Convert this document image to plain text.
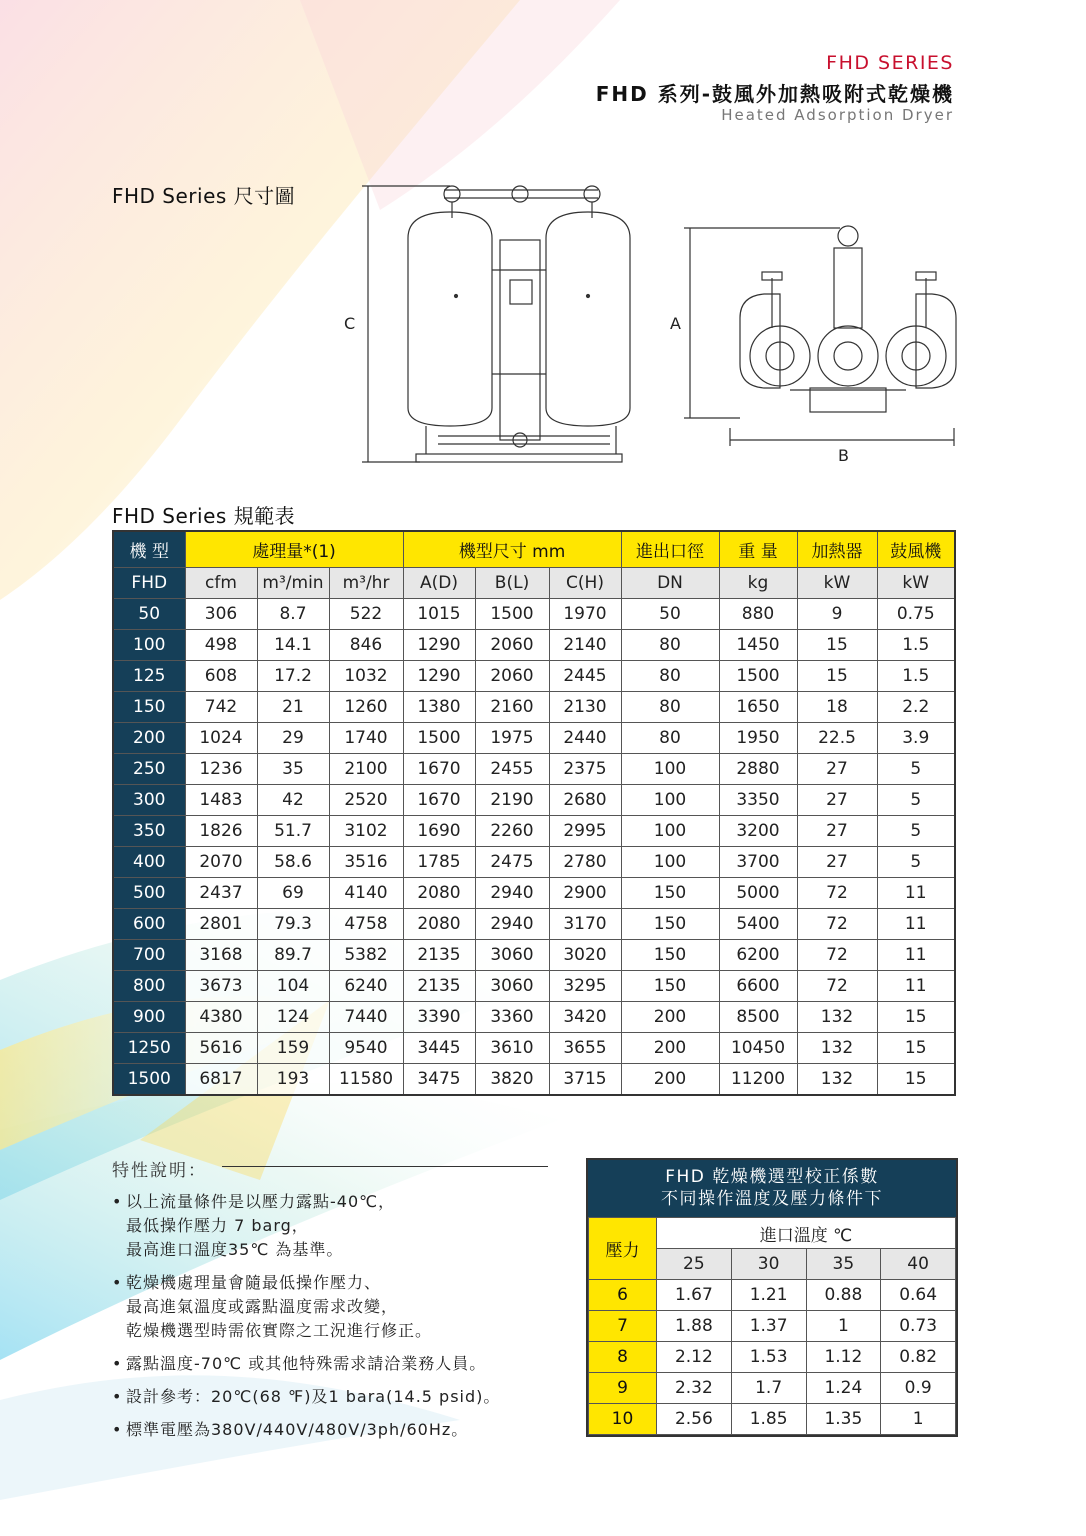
FHD SERIES
FHD 系列-鼓風外加熱吸附式乾燥機
Heated Adsorption Dryer
FHD Series 尺寸圖
C	A
B
FHD Series 規範表
機 型	處理量*(1)			機型尺寸 mm			進出口徑	重 量	加熱器	鼓風機
FHD	cfm	m³/min	m³/hr	A(D)	B(L)	C(H)	DN	kg	kW	kW
50	306	8.7	522	1015	1500	1970	50	880	9	0.75
100	498	14.1	846	1290	2060	2140	80	1450	15	1.5
125	608	17.2	1032	1290	2060	2445	80	1500	15	1.5
150	742	21	1260	1380	2160	2130	80	1650	18	2.2
200	1024	29	1740	1500	1975	2440	80	1950	22.5	3.9
250	1236	35	2100	1670	2455	2375	100	2880	27	5
300	1483	42	2520	1670	2190	2680	100	3350	27	5
350	1826	51.7	3102	1690	2260	2995	100	3200	27	5
400	2070	58.6	3516	1785	2475	2780	100	3700	27	5
500	2437	69	4140	2080	2940	2900	150	5000	72	11
600	2801	79.3	4758	2080	2940	3170	150	5400	72	11
700	3168	89.7	5382	2135	3060	3020	150	6200	72	11
800	3673	104	6240	2135	3060	3295	150	6600	72	11
900	4380	124	7440	3390	3360	3420	200	8500	132	15
1250	5616	159	9540	3445	3610	3655	200	10450	132	15
1500	6817	193	11580	3475	3820	3715	200	11200	132	15
特性說明：
• 以上流量條件是以壓力露點-40℃，
最低操作壓力 7 barg，
最高進口溫度35℃ 為基準。
• 乾燥機處理量會隨最低操作壓力、
最高進氣溫度或露點溫度需求改變，
乾燥機選型時需依實際之工況進行修正。
• 露點溫度-70℃ 或其他特殊需求請洽業務人員。
• 設計參考：20℃(68 ℉)及1 bara(14.5 psid)。
• 標準電壓為380V/440V/480V/3ph/60Hz。
FHD 乾燥機選型校正係數
不同操作溫度及壓力條件下
壓力	進口溫度 ℃			
	25	30	35	40
6	1.67	1.21	0.88	0.64
7	1.88	1.37	1	0.73
8	2.12	1.53	1.12	0.82
9	2.32	1.7	1.24	0.9
10	2.56	1.85	1.35	1
